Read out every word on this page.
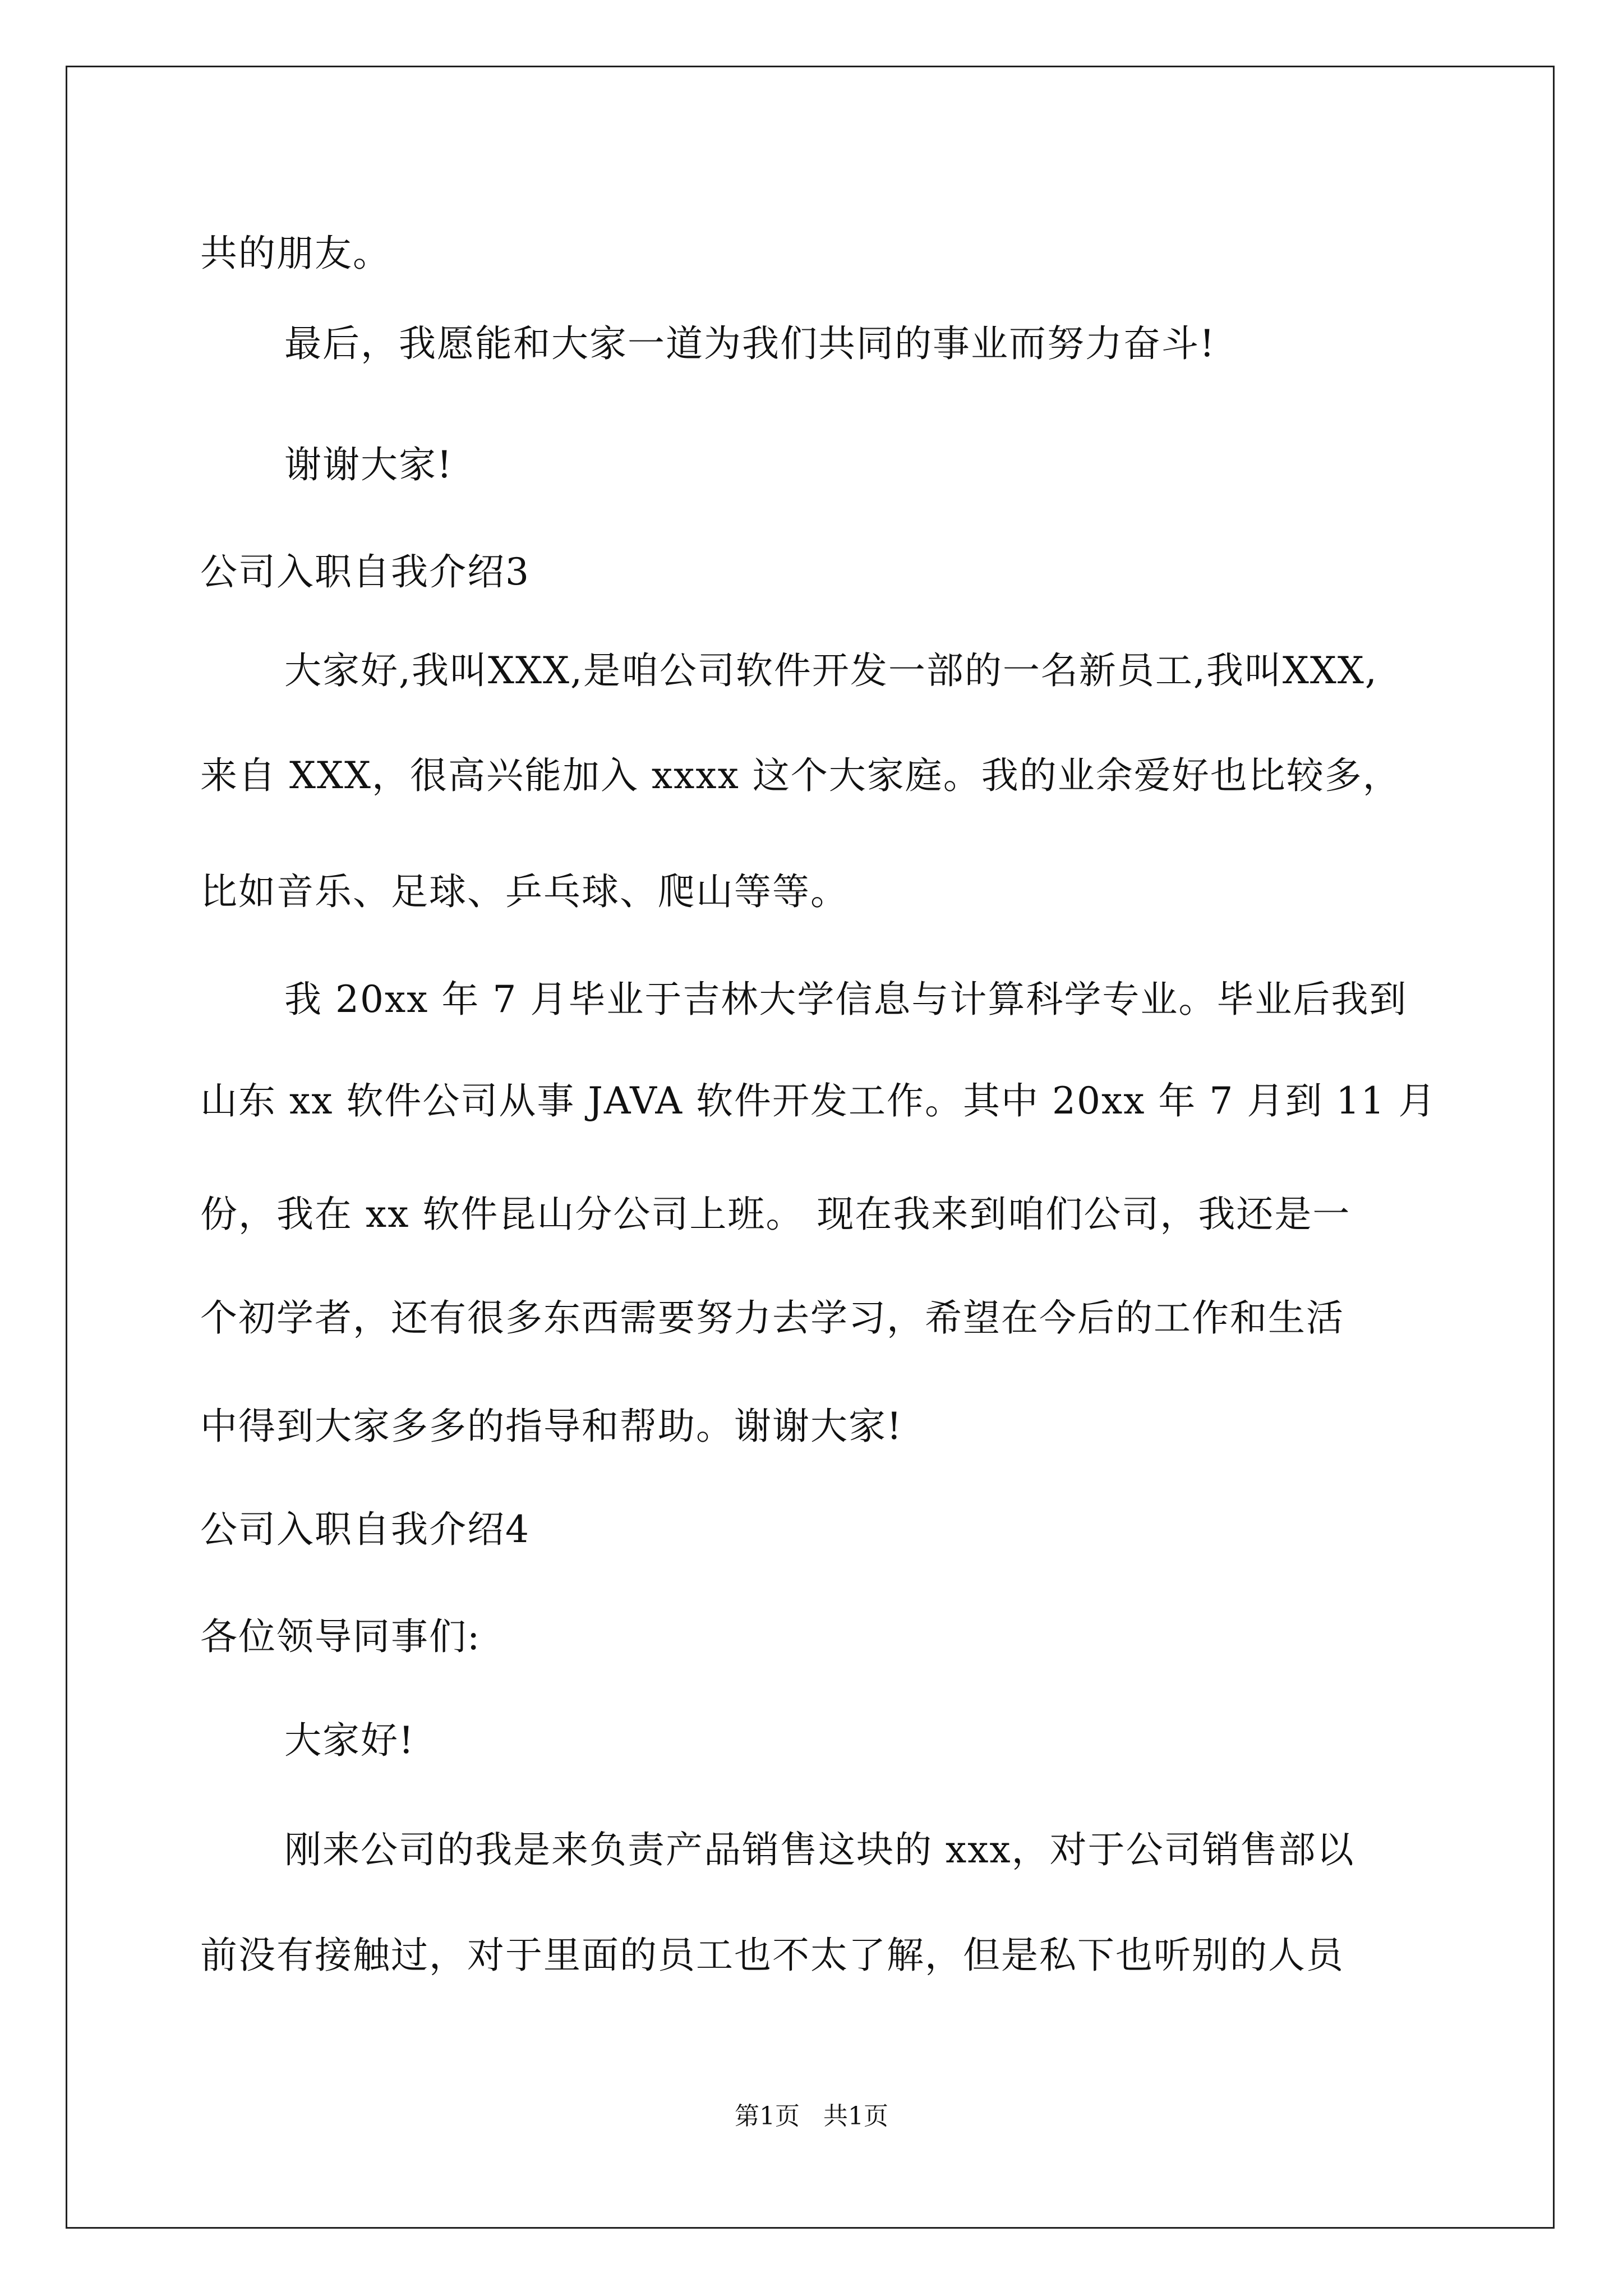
共的朋友。
最后，我愿能和大家一道为我们共同的事业而努力奋斗!
谢谢大家!
公司入职自我介绍3
大家好,我叫XXX,是咱公司软件开发一部的一名新员工,我叫XXX,
来自 XXX，很高兴能加入 xxxx 这个大家庭。我的业余爱好也比较多，
比如音乐、足球、乒乓球、爬山等等。
我 20xx 年 7 月毕业于吉林大学信息与计算科学专业。毕业后我到
山东 xx 软件公司从事 JAVA 软件开发工作。其中 20xx 年 7 月到 11 月
份，我在 xx 软件昆山分公司上班。 现在我来到咱们公司，我还是一
个初学者，还有很多东西需要努力去学习，希望在今后的工作和生活
中得到大家多多的指导和帮助。谢谢大家!
公司入职自我介绍4
各位领导同事们:
大家好!
刚来公司的我是来负责产品销售这块的 xxx，对于公司销售部以
前没有接触过，对于里面的员工也不太了解，但是私下也听别的人员
第1页   共1页
